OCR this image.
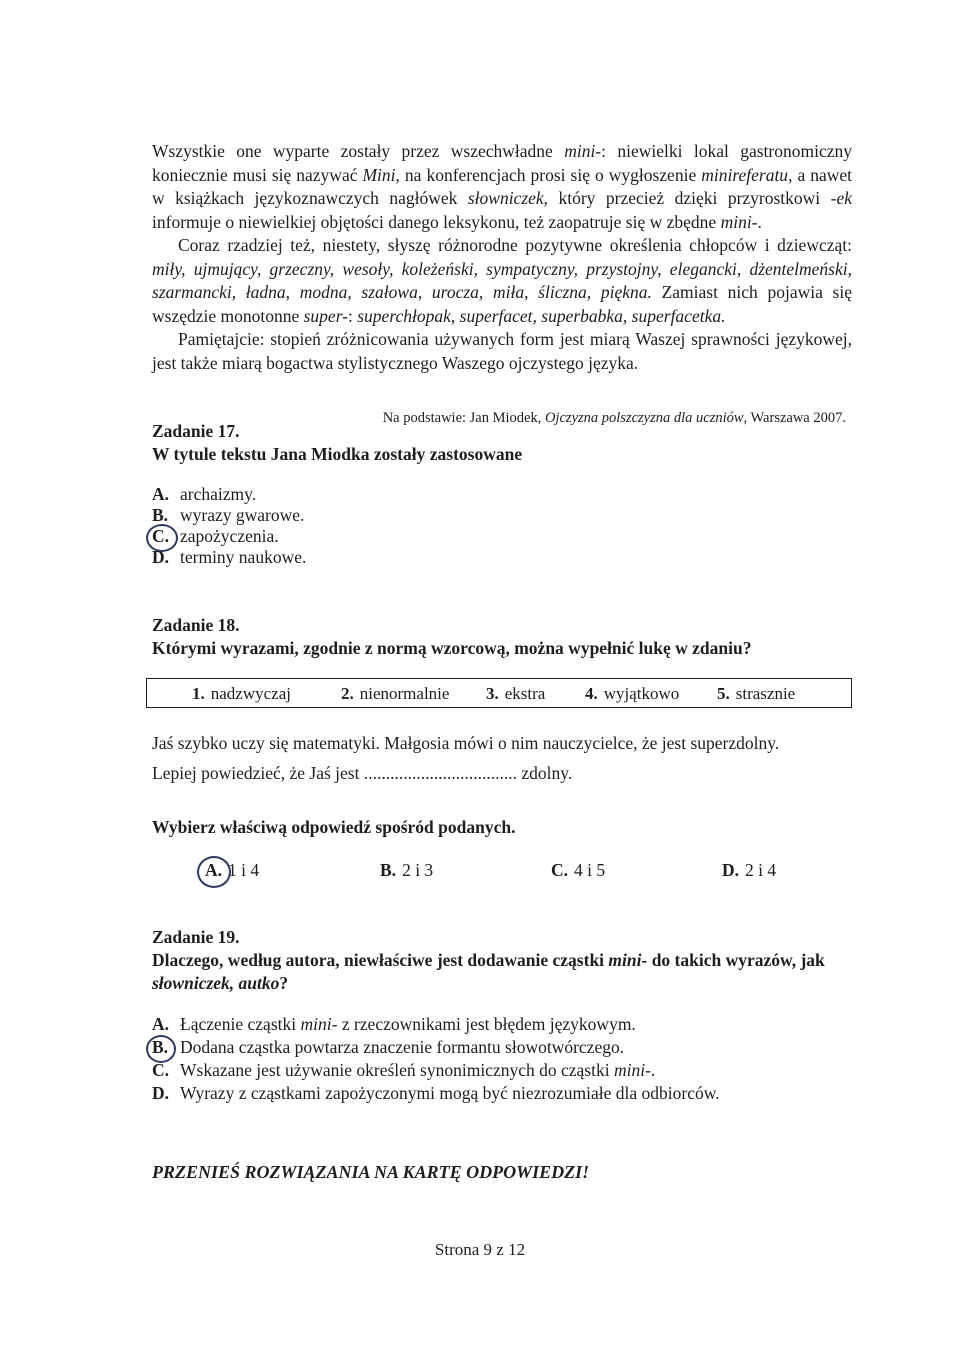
Wszystkie one wyparte zostały przez wszechwładne mini-: niewielki lokal gastronomiczny koniecznie musi się nazywać Mini, na konferencjach prosi się o wygłoszenie minireferatu, a nawet w książkach językoznawczych nagłówek słowniczek, który przecież dzięki przyrostkowi -ek informuje o niewielkiej objętości danego leksykonu, też zaopatruje się w zbędne mini-.

Coraz rzadziej też, niestety, słyszę różnorodne pozytywne określenia chłopców i dziewcząt: miły, ujmujący, grzeczny, wesoły, koleżeński, sympatyczny, przystojny, elegancki, dżentelmeński, szarmancki, ładna, modna, szałowa, urocza, miła, śliczna, piękna. Zamiast nich pojawia się wszędzie monotonne super-: superchłopak, superfacet, superbabka, superfacetka.

Pamiętajcie: stopień zróżnicowania używanych form jest miarą Waszej sprawności językowej, jest także miarą bogactwa stylistycznego Waszego ojczystego języka.

Na podstawie: Jan Miodek, Ojczyzna polszczyzna dla uczniów, Warszawa 2007.
Zadanie 17.
W tytule tekstu Jana Miodka zostały zastosowane
A. archaizmy.
B. wyrazy gwarowe.
C. zapożyczenia.
D. terminy naukowe.
Zadanie 18.
Którymi wyrazami, zgodnie z normą wzorcową, można wypełnić lukę w zdaniu?
1. nadzwyczaj	2. nienormalnie 3. ekstra 4. wyjątkowo 5. strasznie
Jaś szybko uczy się matematyki. Małgosia mówi o nim nauczycielce, że jest superzdolny.
Lepiej powiedzieć, że Jaś jest ................................... zdolny.
Wybierz właściwą odpowiedź spośród podanych.
A. 1 i 4	B. 2 i 3	C. 4 i 5	D. 2 i 4
Zadanie 19.
Dlaczego, według autora, niewłaściwe jest dodawanie cząstki mini- do takich wyrazów, jak słowniczek, autko?
A. Łączenie cząstki mini- z rzeczownikami jest błędem językowym.
B. Dodana cząstka powtarza znaczenie formantu słowotwórczego.
C. Wskazane jest używanie określeń synonimicznych do cząstki mini-.
D. Wyrazy z cząstkami zapożyczonymi mogą być niezrozumiałe dla odbiorców.
PRZENIEŚ ROZWIĄZANIA NA KARTĘ ODPOWIEDZI!
Strona 9 z 12
